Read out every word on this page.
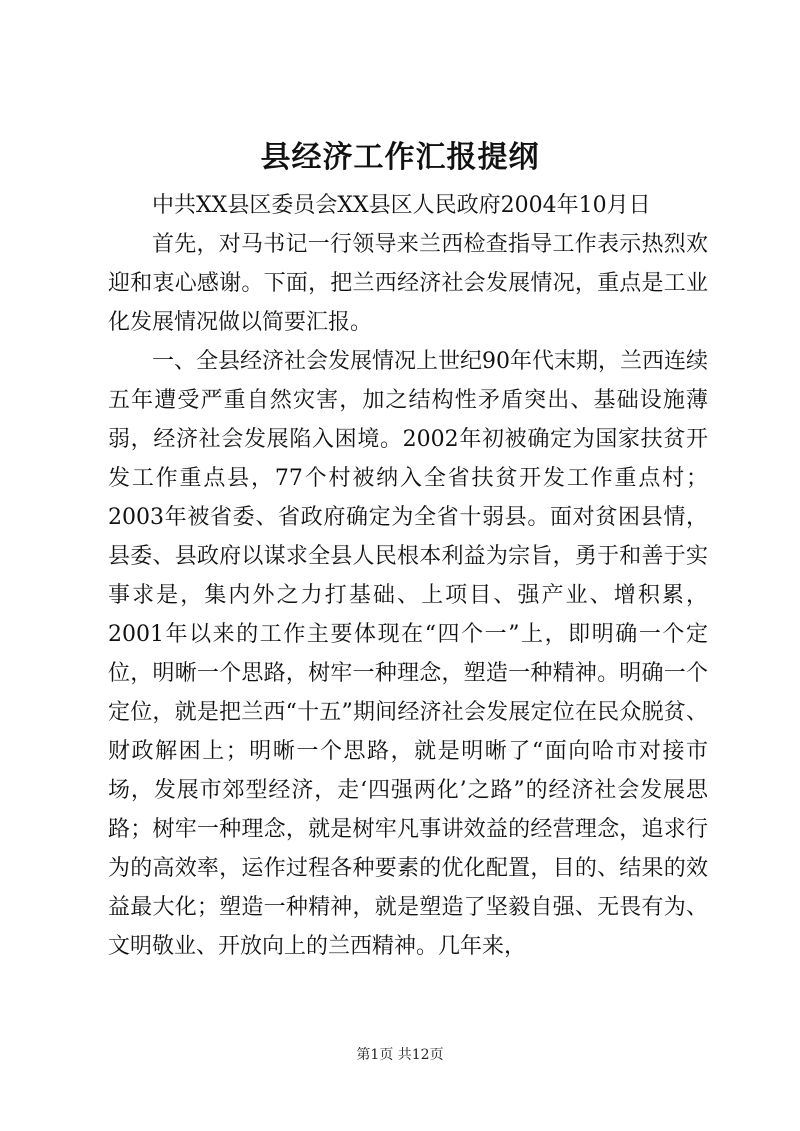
县经济工作汇报提纲

中共XX县区委员会XX县区人民政府2004年10月日

首先，对马书记一行领导来兰西检查指导工作表示热烈欢迎和衷心感谢。下面，把兰西经济社会发展情况，重点是工业化发展情况做以简要汇报。

一、全县经济社会发展情况上世纪90年代末期，兰西连续五年遭受严重自然灾害，加之结构性矛盾突出、基础设施薄弱，经济社会发展陷入困境。2002年初被确定为国家扶贫开发工作重点县，77个村被纳入全省扶贫开发工作重点村；2003年被省委、省政府确定为全省十弱县。面对贫困县情，县委、县政府以谋求全县人民根本利益为宗旨，勇于和善于实事求是，集内外之力打基础、上项目、强产业、增积累，2001年以来的工作主要体现在“四个一”上，即明确一个定位，明晰一个思路，树牢一种理念，塑造一种精神。明确一个定位，就是把兰西“十五”期间经济社会发展定位在民众脱贫、财政解困上；明晰一个思路，就是明晰了“面向哈市对接市场，发展市郊型经济，走‘四强两化’之路”的经济社会发展思路；树牢一种理念，就是树牢凡事讲效益的经营理念，追求行为的高效率，运作过程各种要素的优化配置，目的、结果的效益最大化；塑造一种精神，就是塑造了坚毅自强、无畏有为、文明敬业、开放向上的兰西精神。几年来，

第1页 共12页
